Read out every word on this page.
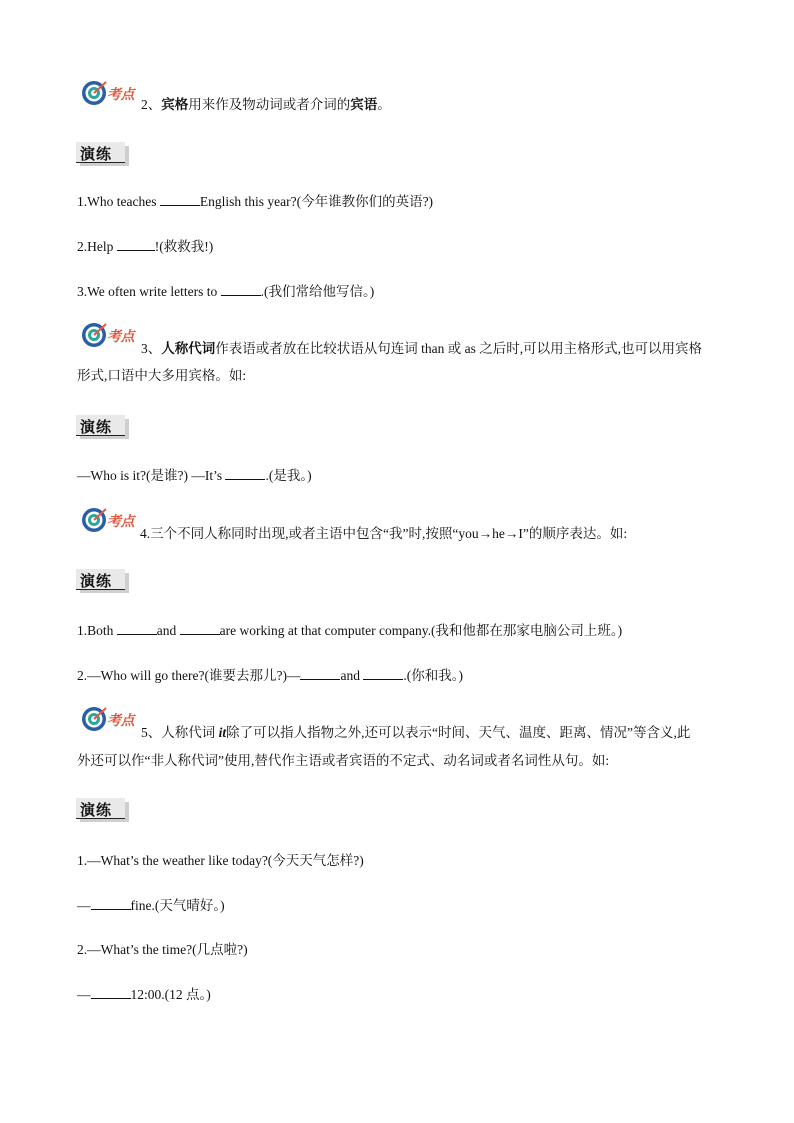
考点
2、宾格用来作及物动词或者介词的宾语。
演练
1.Who teaches	English this year?(今年谁教你们的英语?)
2.Help	!(救救我!)
3.We often write letters to	.(我们常给他写信。)
考点
3、人称代词作表语或者放在比较状语从句连词 than 或 as 之后时,可以用主格形式,也可以用宾格
形式,口语中大多用宾格。如:
演练
—Who is it?(是谁?) —It’s	.(是我。)
考点
4.三个不同人称同时出现,或者主语中包含“我”时,按照“you→he→I”的顺序表达。如:
演练
1.Both	and	are working at that computer company.(我和他都在那家电脑公司上班。)
2.—Who will go there?(谁要去那儿?)—	and	.(你和我。)
考点
5、人称代词 it除了可以指人指物之外,还可以表示“时间、天气、温度、距离、情况”等含义,此
外还可以作“非人称代词”使用,替代作主语或者宾语的不定式、动名词或者名词性从句。如:
演练
1.—What’s the weather like today?(今天天气怎样?)
—	fine.(天气晴好。)
2.—What’s the time?(几点啦?)
—	12:00.(12 点。)
